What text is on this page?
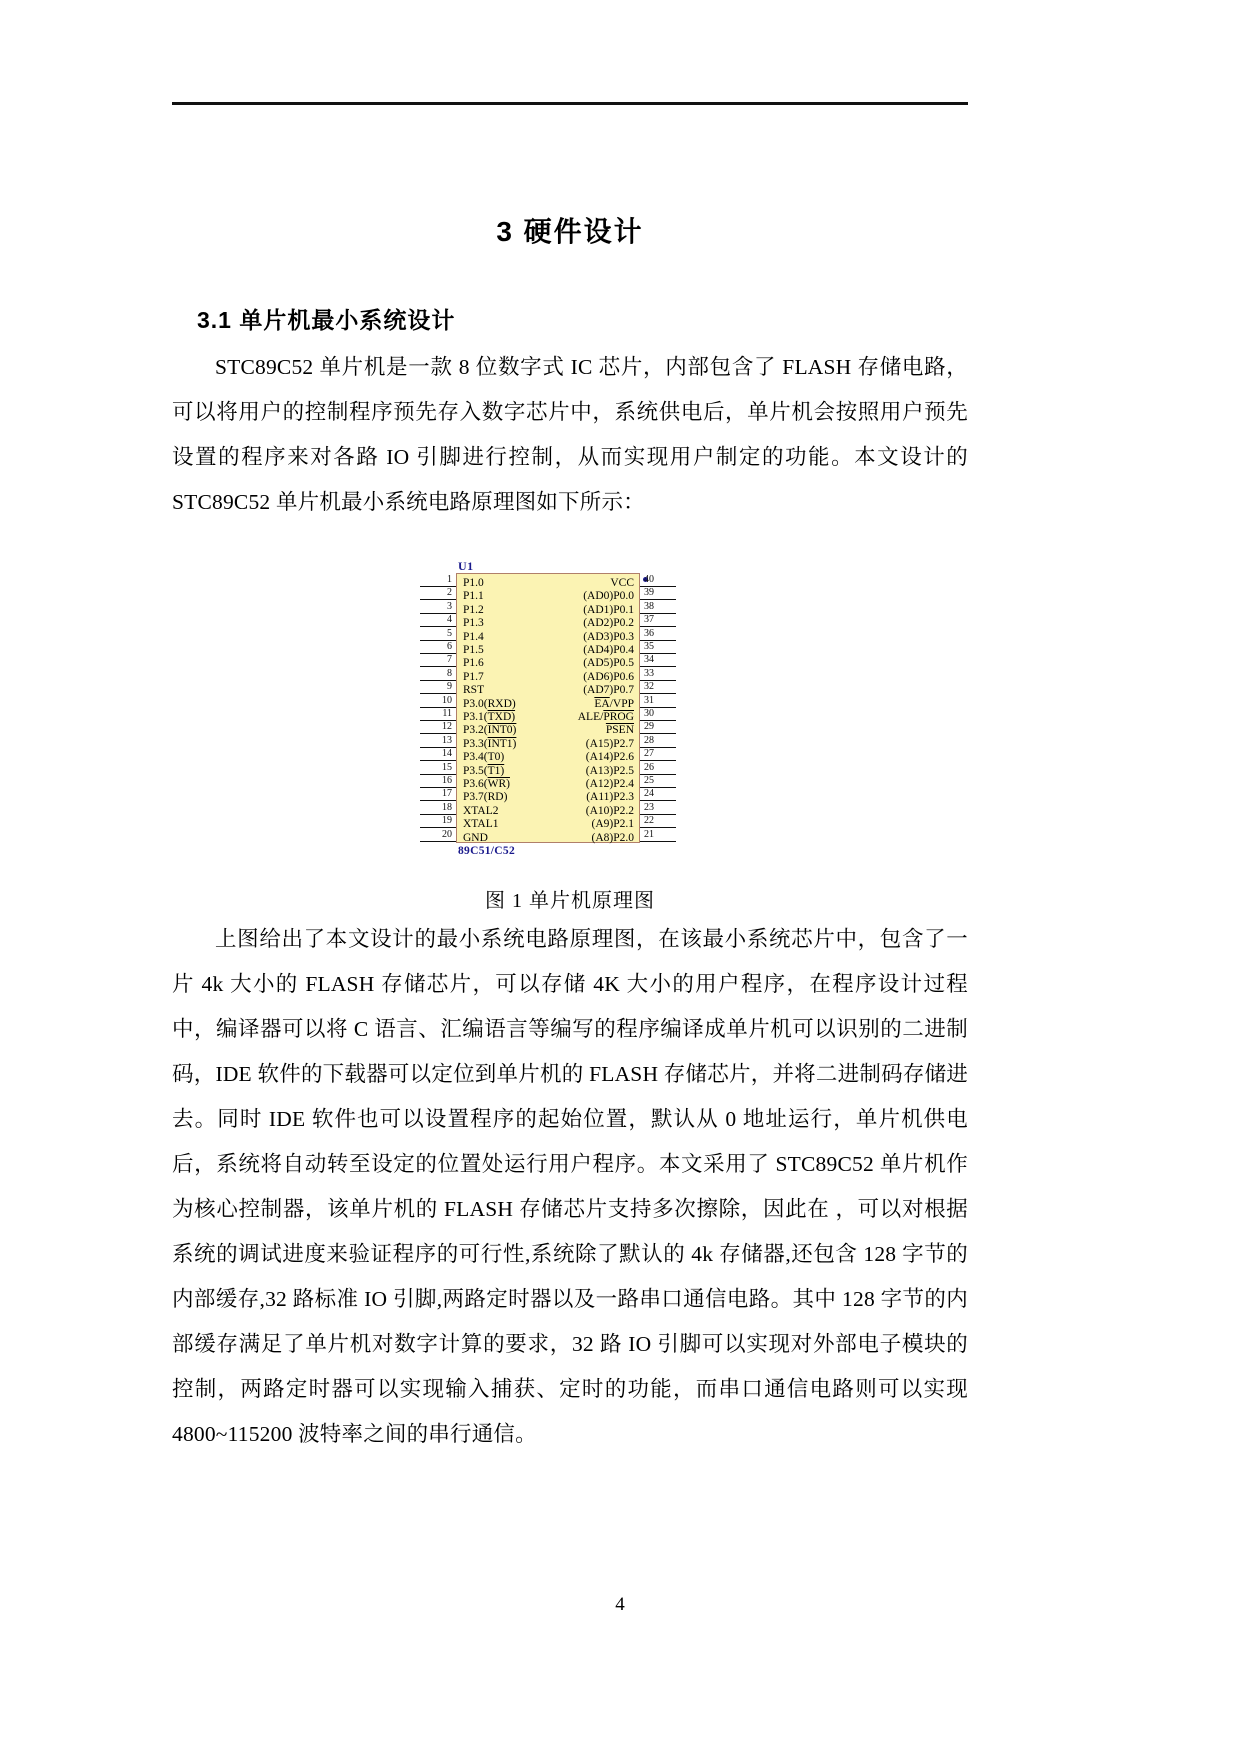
3 硬件设计
3.1 单片机最小系统设计

STC89C52 单片机是一款 8 位数字式 IC 芯片，内部包含了 FLASH 存储电路，可以将用户的控制程序预先存入数字芯片中，系统供电后，单片机会按照用户预先设置的程序来对各路 IO 引脚进行控制，从而实现用户制定的功能。本文设计的 STC89C52 单片机最小系统电路原理图如下所示：

U1
P1.0	VCC
P1.1	(AD0)P0.0
P1.2	(AD1)P0.1
P1.3	(AD2)P0.2
P1.4	(AD3)P0.3
P1.5	(AD4)P0.4
P1.6	(AD5)P0.5
P1.7	(AD6)P0.6
RST	(AD7)P0.7
P3.0(RXD)	$\overline{EA}$/VPP
P3.1(TXD)	ALE/PROG
P3.2(INT0)	PSEN
P3.3(INT1)	(A15)P2.7
P3.4(T0)	(A14)P2.6
P3.5(T1)	(A13)P2.5
P3.6(WR)	(A12)P2.4
P3.7(RD)	(A11)P2.3
XTAL2	(A10)P2.2
XTAL1	(A9)P2.1
GND	(A8)P2.0
89C51/C52
1	40
2	39
3	38
4	37
5	36
6	35
7	34
8	33
9	32
10	31
11	30
12	29
13	28
14	27
15	26
16	25
17	24
18	23
19	22
20	21
图 1 单片机原理图

上图给出了本文设计的最小系统电路原理图，在该最小系统芯片中，包含了一片 4k 大小的 FLASH 存储芯片，可以存储 4K 大小的用户程序，在程序设计过程中，编译器可以将 C 语言、汇编语言等编写的程序编译成单片机可以识别的二进制码，IDE 软件的下载器可以定位到单片机的 FLASH 存储芯片，并将二进制码存储进去。同时 IDE 软件也可以设置程序的起始位置，默认从 0 地址运行，单片机供电后，系统将自动转至设定的位置处运行用户程序。本文采用了 STC89C52 单片机作为核心控制器，该单片机的 FLASH 存储芯片支持多次擦除，因此在 ，可以对根据系统的调试进度来验证程序的可行性,系统除了默认的 4k 存储器,还包含 128 字节的内部缓存,32 路标准 IO 引脚,两路定时器以及一路串口通信电路。其中 128 字节的内部缓存满足了单片机对数字计算的要求，32 路 IO 引脚可以实现对外部电子模块的控制，两路定时器可以实现输入捕获、定时的功能，而串口通信电路则可以实现 4800~115200 波特率之间的串行通信。

4
